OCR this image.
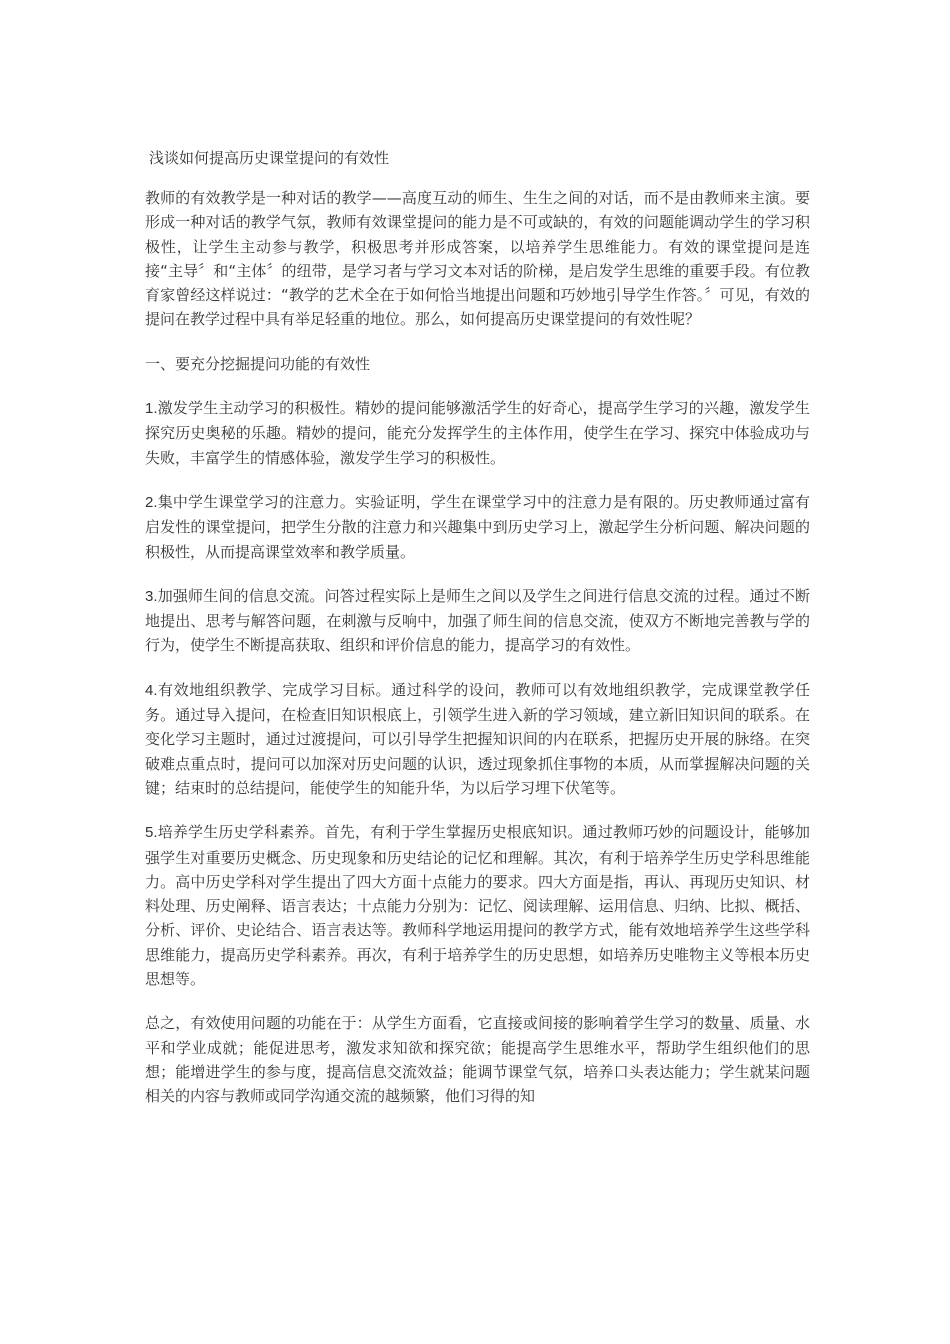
浅谈如何提高历史课堂提问的有效性

教师的有效教学是一种对话的教学——高度互动的师生、生生之间的对话，而不是由教师来主演。要形成一种对话的教学气氛，教师有效课堂提问的能力是不可或缺的，有效的问题能调动学生的学习积极性，让学生主动参与教学，积极思考并形成答案，以培养学生思维能力。有效的课堂提问是连接“主导〞和“主体〞的纽带，是学习者与学习文本对话的阶梯，是启发学生思维的重要手段。有位教育家曾经这样说过：“教学的艺术全在于如何恰当地提出问题和巧妙地引导学生作答。〞可见，有效的提问在教学过程中具有举足轻重的地位。那么，如何提高历史课堂提问的有效性呢？

一、要充分挖掘提问功能的有效性

1.激发学生主动学习的积极性。精妙的提问能够激活学生的好奇心，提高学生学习的兴趣，激发学生探究历史奥秘的乐趣。精妙的提问，能充分发挥学生的主体作用，使学生在学习、探究中体验成功与失败，丰富学生的情感体验，激发学生学习的积极性。

2.集中学生课堂学习的注意力。实验证明，学生在课堂学习中的注意力是有限的。历史教师通过富有启发性的课堂提问，把学生分散的注意力和兴趣集中到历史学习上，激起学生分析问题、解决问题的积极性，从而提高课堂效率和教学质量。

3.加强师生间的信息交流。问答过程实际上是师生之间以及学生之间进行信息交流的过程。通过不断地提出、思考与解答问题，在刺激与反响中，加强了师生间的信息交流，使双方不断地完善教与学的行为，使学生不断提高获取、组织和评价信息的能力，提高学习的有效性。

4.有效地组织教学、完成学习目标。通过科学的设问，教师可以有效地组织教学，完成课堂教学任务。通过导入提问，在检查旧知识根底上，引领学生进入新的学习领域，建立新旧知识间的联系。在变化学习主题时，通过过渡提问，可以引导学生把握知识间的内在联系，把握历史开展的脉络。在突破难点重点时，提问可以加深对历史问题的认识，透过现象抓住事物的本质，从而掌握解决问题的关键；结束时的总结提问，能使学生的知能升华，为以后学习埋下伏笔等。

5.培养学生历史学科素养。首先，有利于学生掌握历史根底知识。通过教师巧妙的问题设计，能够加强学生对重要历史概念、历史现象和历史结论的记忆和理解。其次，有利于培养学生历史学科思维能力。高中历史学科对学生提出了四大方面十点能力的要求。四大方面是指，再认、再现历史知识、材料处理、历史阐释、语言表达；十点能力分别为：记忆、阅读理解、运用信息、归纳、比拟、概括、分析、评价、史论结合、语言表达等。教师科学地运用提问的教学方式，能有效地培养学生这些学科思维能力，提高历史学科素养。再次，有利于培养学生的历史思想，如培养历史唯物主义等根本历史思想等。

总之，有效使用问题的功能在于：从学生方面看，它直接或间接的影响着学生学习的数量、质量、水平和学业成就；能促进思考，激发求知欲和探究欲；能提高学生思维水平，帮助学生组织他们的思想；能增进学生的参与度，提高信息交流效益；能调节课堂气氛，培养口头表达能力；学生就某问题相关的内容与教师或同学沟通交流的越频繁，他们习得的知
